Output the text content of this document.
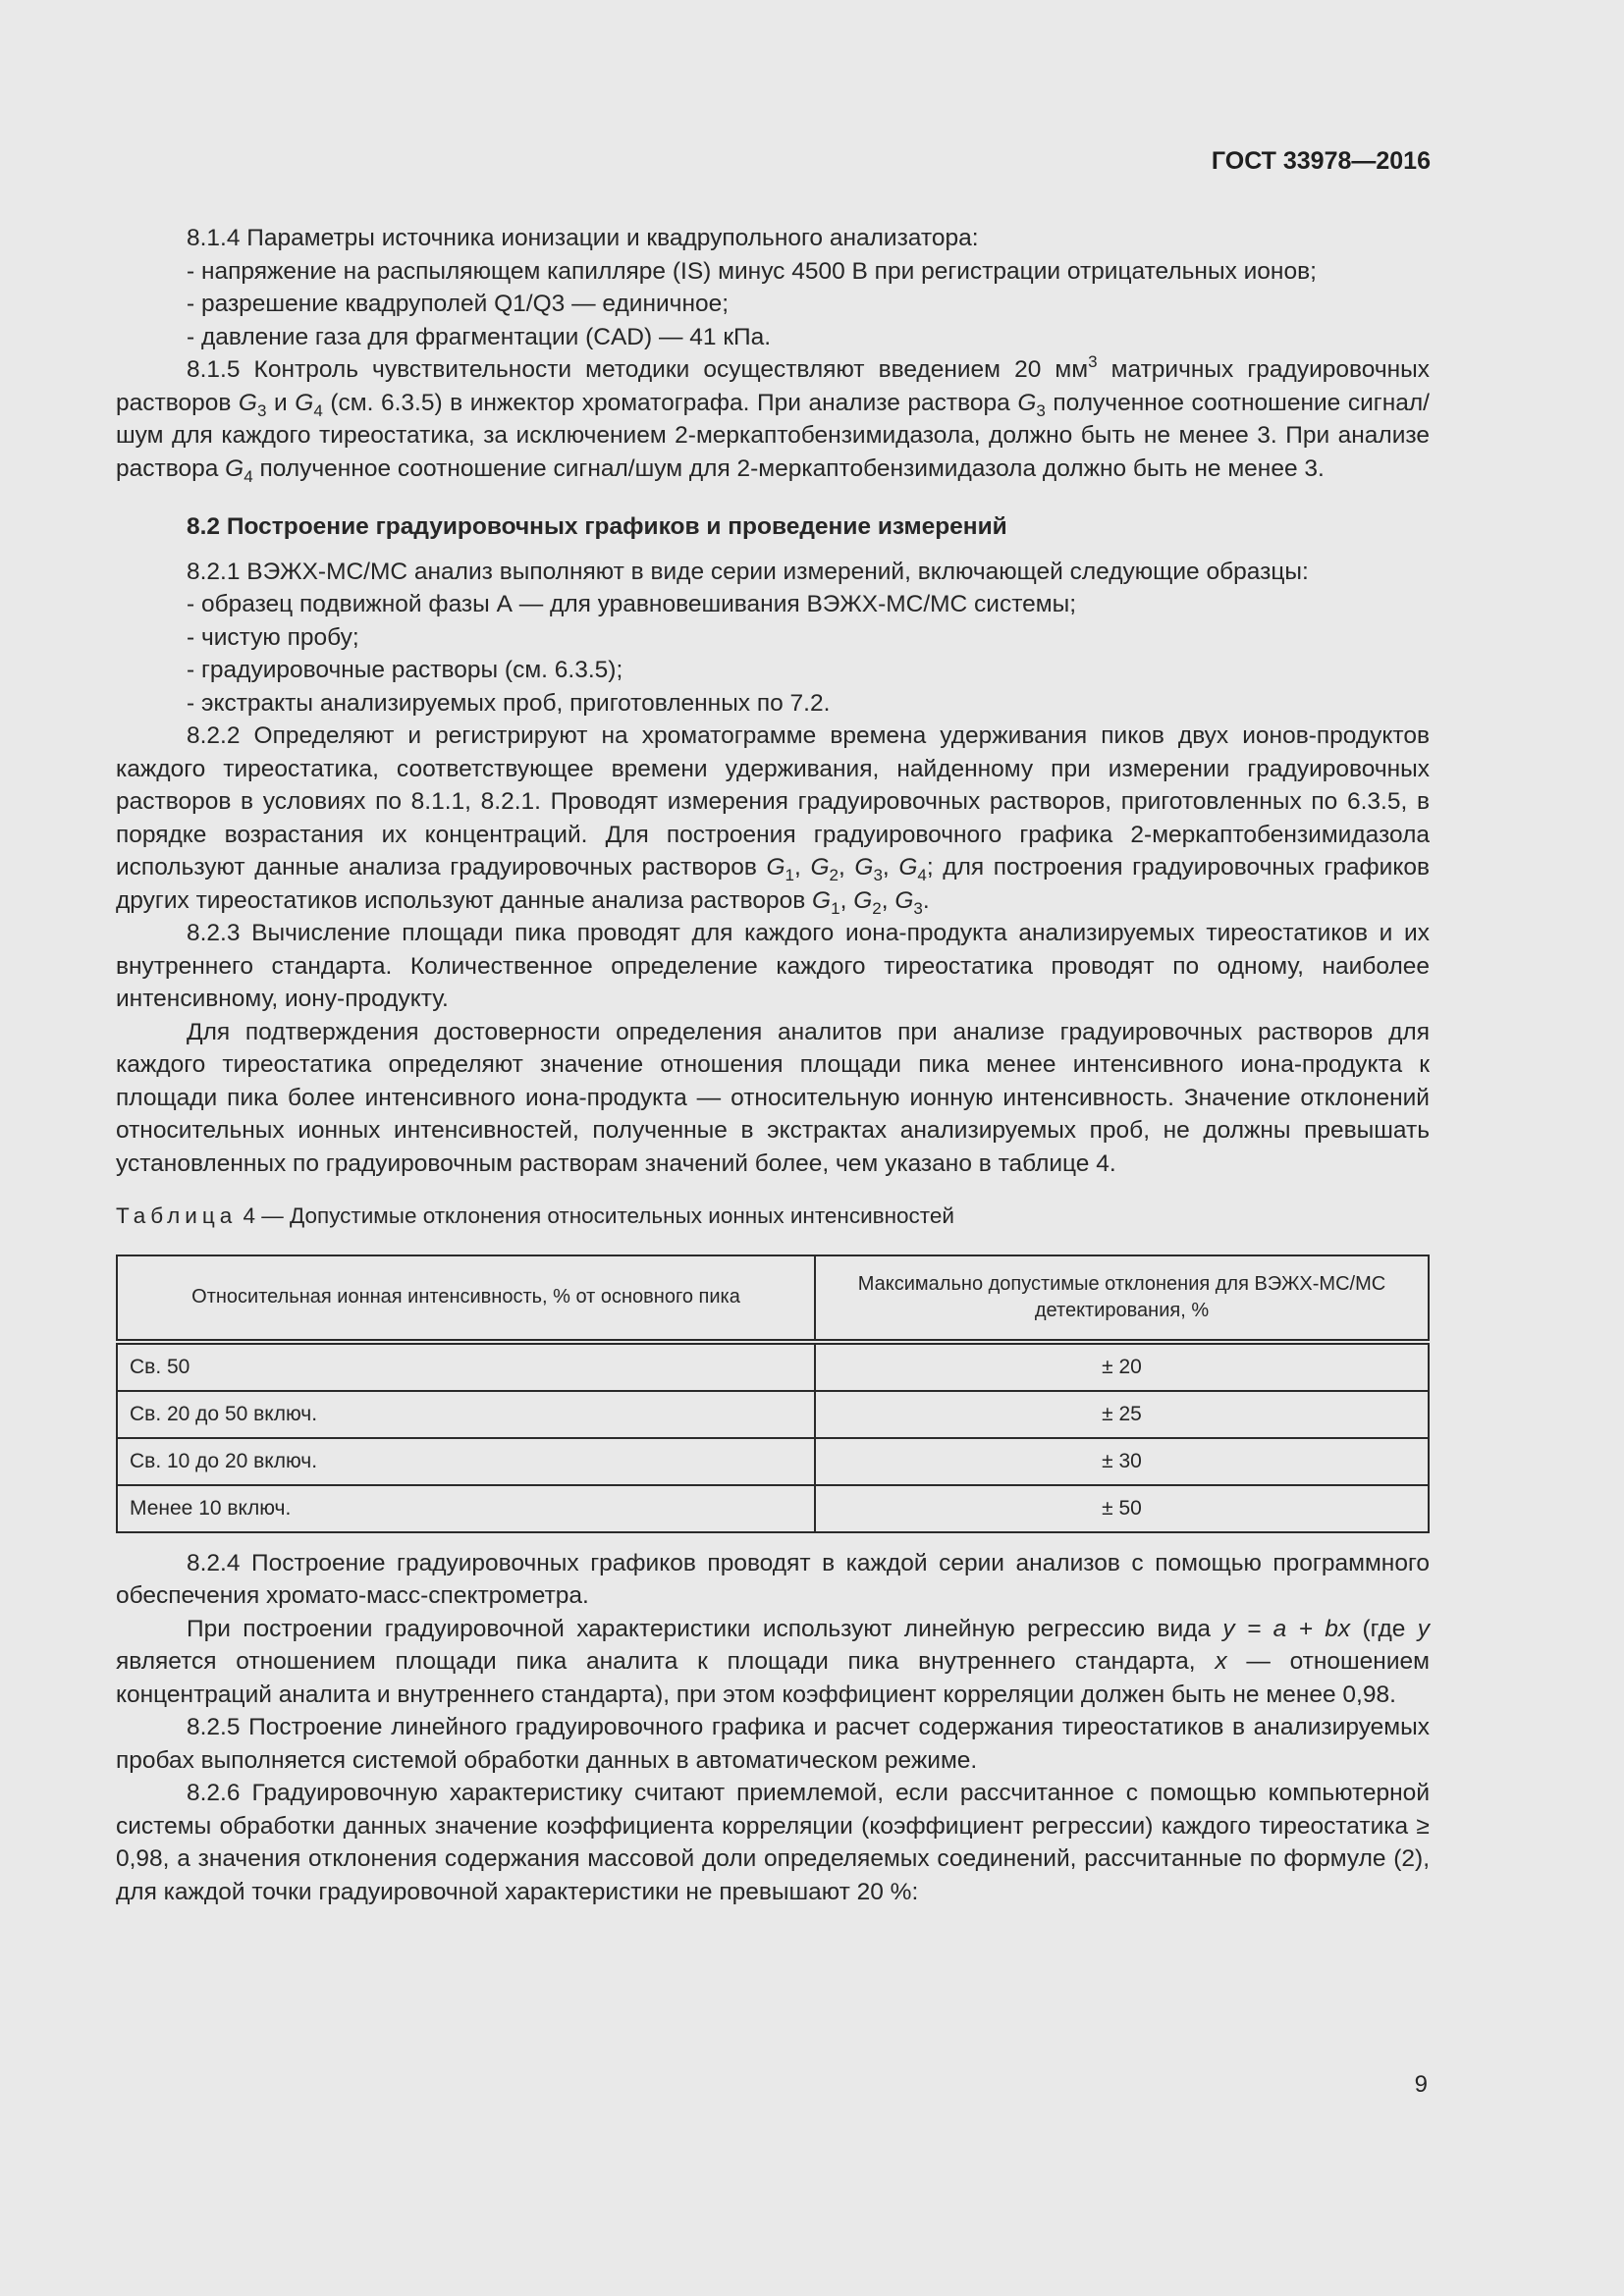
ГОСТ 33978—2016

8.1.4 Параметры источника ионизации и квадрупольного анализатора:

- напряжение на распыляющем капилляре (IS) минус 4500 В при регистрации отрицательных ионов;

- разрешение квадруполей Q1/Q3 — единичное;

- давление газа для фрагментации (CAD) — 41 кПа.

8.1.5 Контроль чувствительности методики осуществляют введением 20 $мм^3$ матричных градуировочных растворов $G_3$ и $G_4$ (см. 6.3.5) в инжектор хроматографа. При анализе раствора $G_3$ полученное соотношение сигнал/шум для каждого тиреостатика, за исключением 2-меркаптобензимидазола, должно быть не менее 3. При анализе раствора $G_4$ полученное соотношение сигнал/шум для 2-меркаптобензимидазола должно быть не менее 3.

8.2 Построение градуировочных графиков и проведение измерений

8.2.1 ВЭЖХ-МС/МС анализ выполняют в виде серии измерений, включающей следующие образцы:

- образец подвижной фазы А — для уравновешивания ВЭЖХ-МС/МС системы;

- чистую пробу;

- градуировочные растворы (см. 6.3.5);

- экстракты анализируемых проб, приготовленных по 7.2.

8.2.2 Определяют и регистрируют на хроматограмме времена удерживания пиков двух ионов-продуктов каждого тиреостатика, соответствующее времени удерживания, найденному при измерении градуировочных растворов в условиях по 8.1.1, 8.2.1. Проводят измерения градуировочных растворов, приготовленных по 6.3.5, в порядке возрастания их концентраций. Для построения градуировочного графика 2-меркаптобензимидазола используют данные анализа градуировочных растворов $G_1$, $G_2$, $G_3$, $G_4$; для построения градуировочных графиков других тиреостатиков используют данные анализа растворов $G_1$, $G_2$, $G_3$.

8.2.3 Вычисление площади пика проводят для каждого иона-продукта анализируемых тиреостатиков и их внутреннего стандарта. Количественное определение каждого тиреостатика проводят по одному, наиболее интенсивному, иону-продукту.

Для подтверждения достоверности определения аналитов при анализе градуировочных растворов для каждого тиреостатика определяют значение отношения площади пика менее интенсивного иона-продукта к площади пика более интенсивного иона-продукта — относительную ионную интенсивность. Значение отклонений относительных ионных интенсивностей, полученные в экстрактах анализируемых проб, не должны превышать установленных по градуировочным растворам значений более, чем указано в таблице 4.

Таблица 4 — Допустимые отклонения относительных ионных интенсивностей

Относительная ионная интенсивность, % от основного пика	Максимально допустимые отклонения для ВЭЖХ-МС/МС детектирования, %
Св. 50	± 20
Св. 20 до 50 включ.	± 25
Св. 10 до 20 включ.	± 30
Менее 10 включ.	± 50

8.2.4 Построение градуировочных графиков проводят в каждой серии анализов с помощью программного обеспечения хромато-масс-спектрометра.

При построении градуировочной характеристики используют линейную регрессию вида y = a + bx (где y является отношением площади пика аналита к площади пика внутреннего стандарта, x — отношением концентраций аналита и внутреннего стандарта), при этом коэффициент корреляции должен быть не менее 0,98.

8.2.5 Построение линейного градуировочного графика и расчет содержания тиреостатиков в анализируемых пробах выполняется системой обработки данных в автоматическом режиме.

8.2.6 Градуировочную характеристику считают приемлемой, если рассчитанное с помощью компьютерной системы обработки данных значение коэффициента корреляции (коэффициент регрессии) каждого тиреостатика ≥ 0,98, а значения отклонения содержания массовой доли определяемых соединений, рассчитанные по формуле (2), для каждой точки градуировочной характеристики не превышают 20 %:

9
